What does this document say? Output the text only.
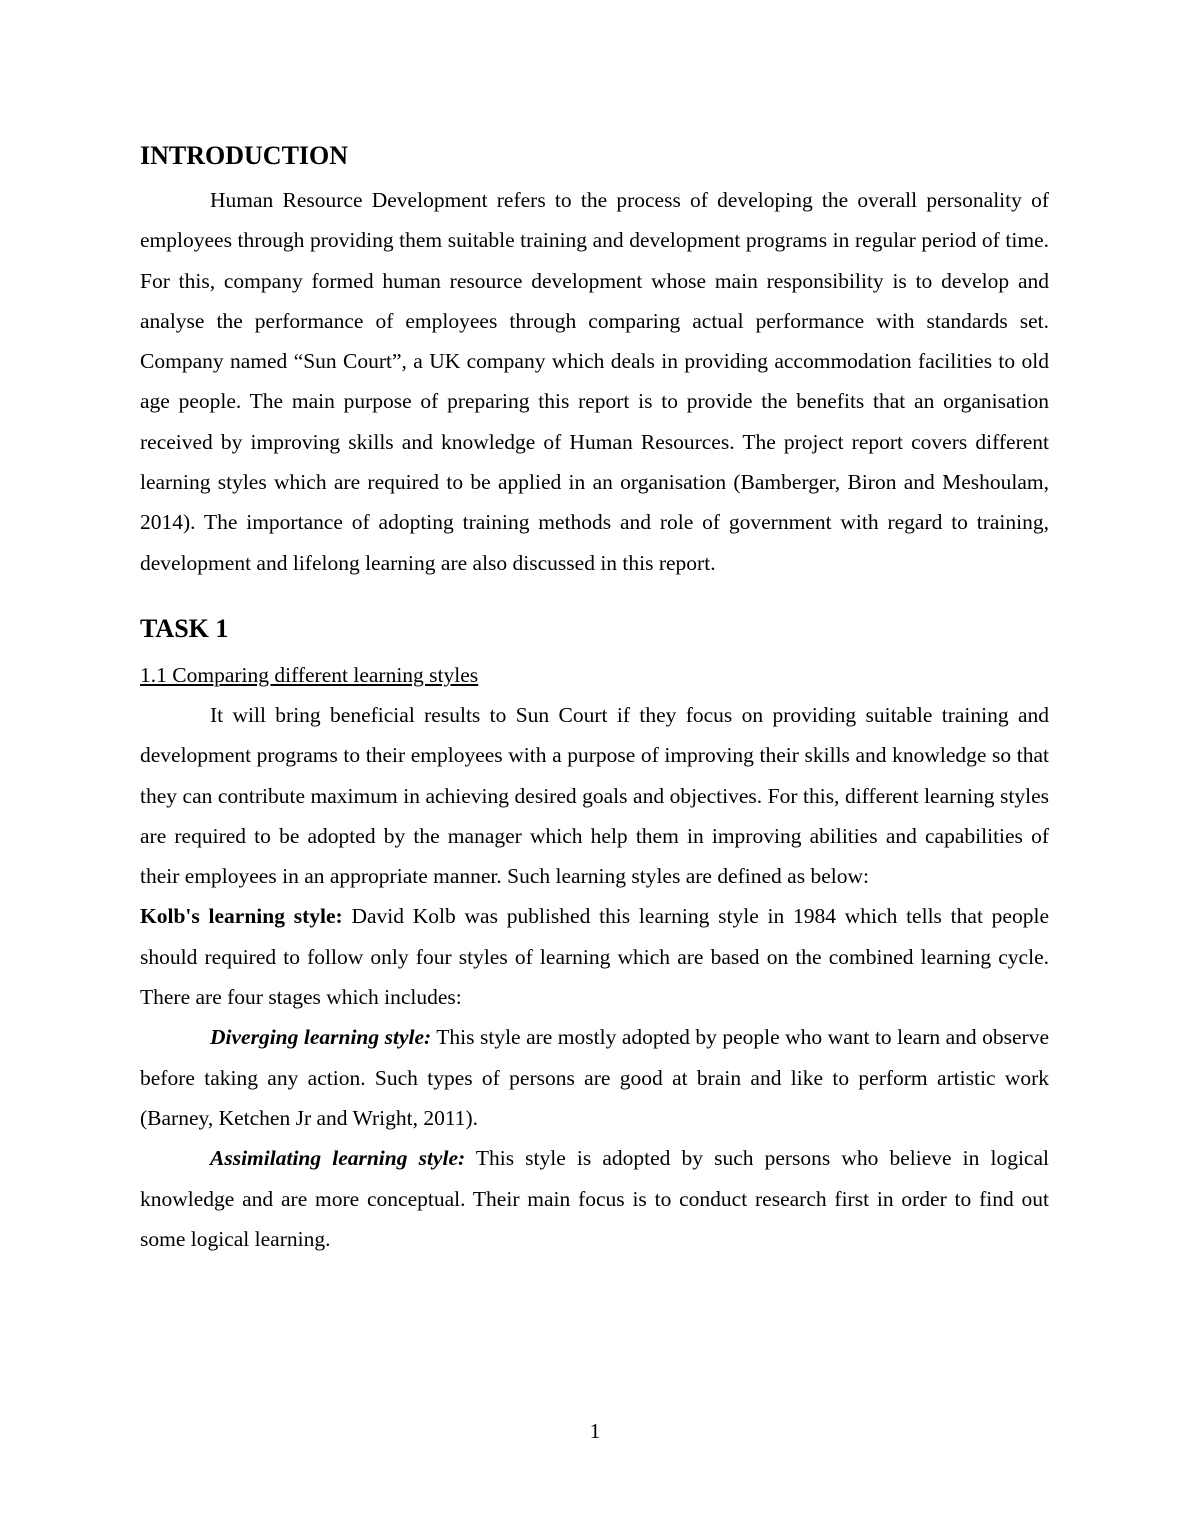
INTRODUCTION

Human Resource Development refers to the process of developing the overall personality of employees through providing them suitable training and development programs in regular period of time. For this, company formed human resource development whose main responsibility is to develop and analyse the performance of employees through comparing actual performance with standards set. Company named “Sun Court”, a UK company which deals in providing accommodation facilities to old age people. The main purpose of preparing this report is to provide the benefits that an organisation received by improving skills and knowledge of Human Resources. The project report covers different learning styles which are required to be applied in an organisation (Bamberger, Biron and Meshoulam, 2014). The importance of adopting training methods and role of government with regard to training, development and lifelong learning are also discussed in this report.

TASK 1
1.1 Comparing different learning styles

It will bring beneficial results to Sun Court if they focus on providing suitable training and development programs to their employees with a purpose of improving their skills and knowledge so that they can contribute maximum in achieving desired goals and objectives. For this, different learning styles are required to be adopted by the manager which help them in improving abilities and capabilities of their employees in an appropriate manner. Such learning styles are defined as below:

Kolb's learning style: David Kolb was published this learning style in 1984 which tells that people should required to follow only four styles of learning which are based on the combined learning cycle. There are four stages which includes:

Diverging learning style: This style are mostly adopted by people who want to learn and observe before taking any action. Such types of persons are good at brain and like to perform artistic work (Barney, Ketchen Jr and Wright, 2011).

Assimilating learning style: This style is adopted by such persons who believe in logical knowledge and are more conceptual. Their main focus is to conduct research first in order to find out some logical learning.

1
